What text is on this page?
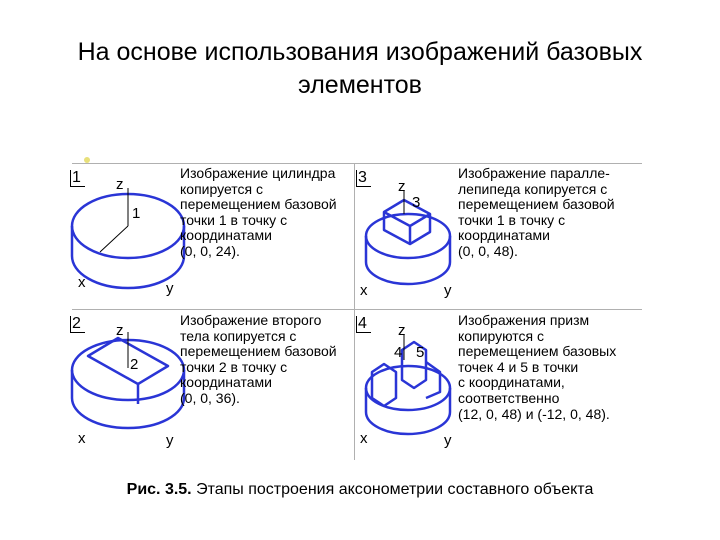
На основе использования изображений базовых
элементов
1	Изображение цилиндра
копируется с
перемещением базовой
точки 1 в точку с
координатами
(0, 0, 24).
z
1
x	y
3	Изображение паралле-
лепипеда копируется с
перемещением базовой
точки 1 в точку с
координатами
(0, 0, 48).
z
3
x	y
2	Изображение второго
тела копируется с
перемещением базовой
точки 2 в точку с
координатами
(0, 0, 36).
z
2
x	y
4	Изображения призм
копируются с
перемещением базовых
точек 4 и 5 в точки
с координатами,
соответственно
(12, 0, 48) и (-12, 0, 48).
z
4 5
x	y
Рис. 3.5. Этапы построения аксонометрии составного объекта
